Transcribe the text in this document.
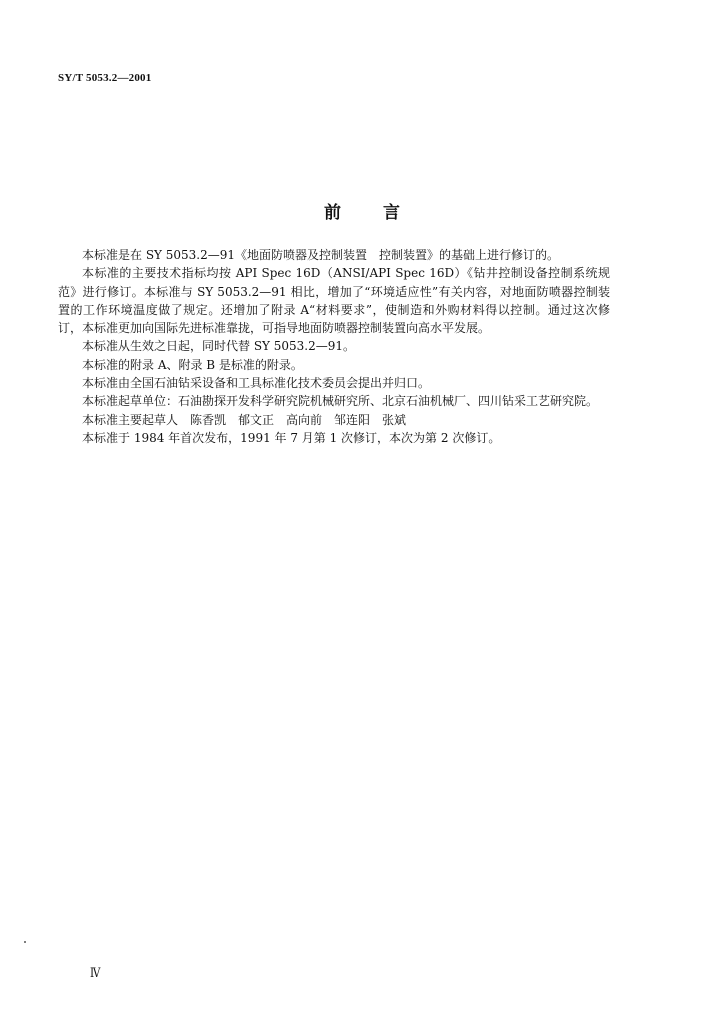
SY/T 5053.2—2001
前言

本标准是在 SY 5053.2—91《地面防喷器及控制装置　控制装置》的基础上进行修订的。

本标准的主要技术指标均按 API Spec 16D（ANSI/API Spec 16D）《钻井控制设备控制系统规范》进行修订。本标准与 SY 5053.2—91 相比，增加了“环境适应性”有关内容，对地面防喷器控制装置的工作环境温度做了规定。还增加了附录 A“材料要求”，使制造和外购材料得以控制。通过这次修订，本标准更加向国际先进标准靠拢，可指导地面防喷器控制装置向高水平发展。

本标准从生效之日起，同时代替 SY 5053.2—91。

本标准的附录 A、附录 B 是标准的附录。

本标准由全国石油钻采设备和工具标准化技术委员会提出并归口。

本标准起草单位：石油勘探开发科学研究院机械研究所、北京石油机械厂、四川钻采工艺研究院。

本标准主要起草人　陈香凯　郁文正　高向前　邹连阳　张斌

本标准于 1984 年首次发布，1991 年 7 月第 1 次修订，本次为第 2 次修订。

Ⅳ
